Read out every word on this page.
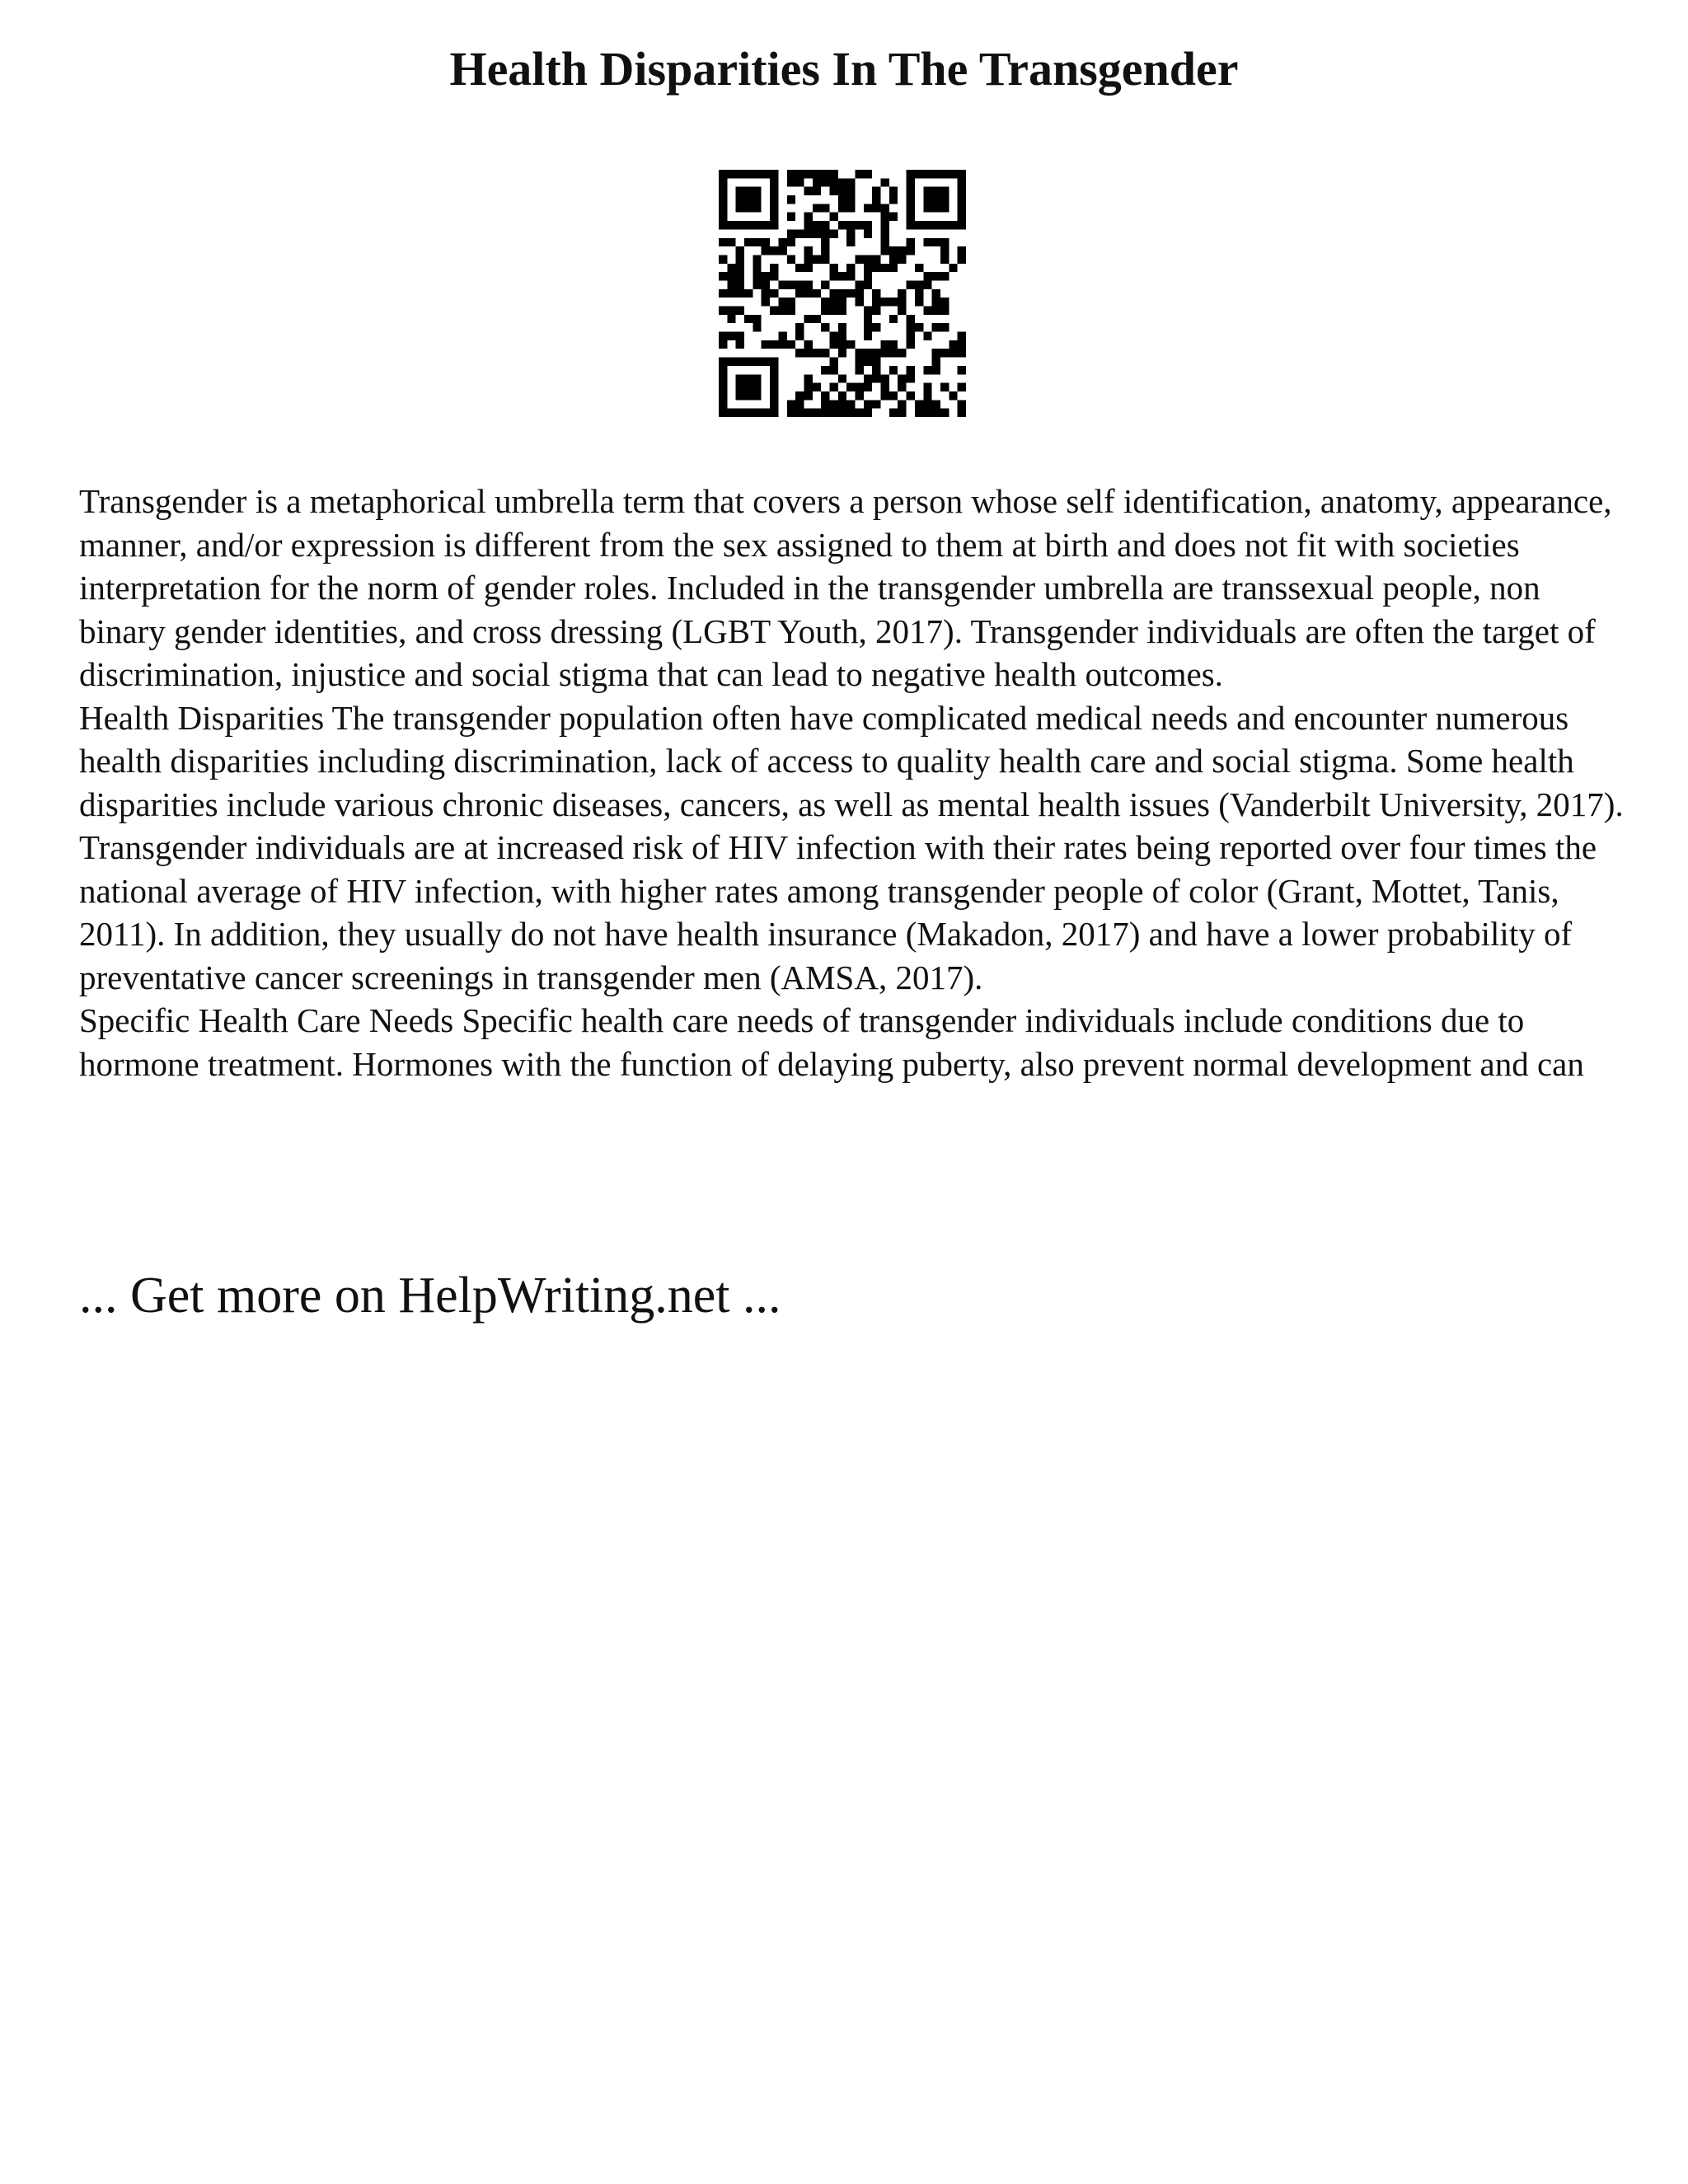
Health Disparities In The Transgender

Transgender is a metaphorical umbrella term that covers a person whose self identification, anatomy, appearance, manner, and/or expression is different from the sex assigned to them at birth and does not fit with societies interpretation for the norm of gender roles. Included in the transgender umbrella are transsexual people, non binary gender identities, and cross dressing (LGBT Youth, 2017). Transgender individuals are often the target of discrimination, injustice and social stigma that can lead to negative health outcomes.

Health Disparities The transgender population often have complicated medical needs and encounter numerous health disparities including discrimination, lack of access to quality health care and social stigma. Some health disparities include various chronic diseases, cancers, as well as mental health issues (Vanderbilt University, 2017). Transgender individuals are at increased risk of HIV infection with their rates being reported over four times the national average of HIV infection, with higher rates among transgender people of color (Grant, Mottet, Tanis, 2011). In addition, they usually do not have health insurance (Makadon, 2017) and have a lower probability of preventative cancer screenings in transgender men (AMSA, 2017).

Specific Health Care Needs Specific health care needs of transgender individuals include conditions due to hormone treatment. Hormones with the function of delaying puberty, also prevent normal development and can

... Get more on HelpWriting.net ...
